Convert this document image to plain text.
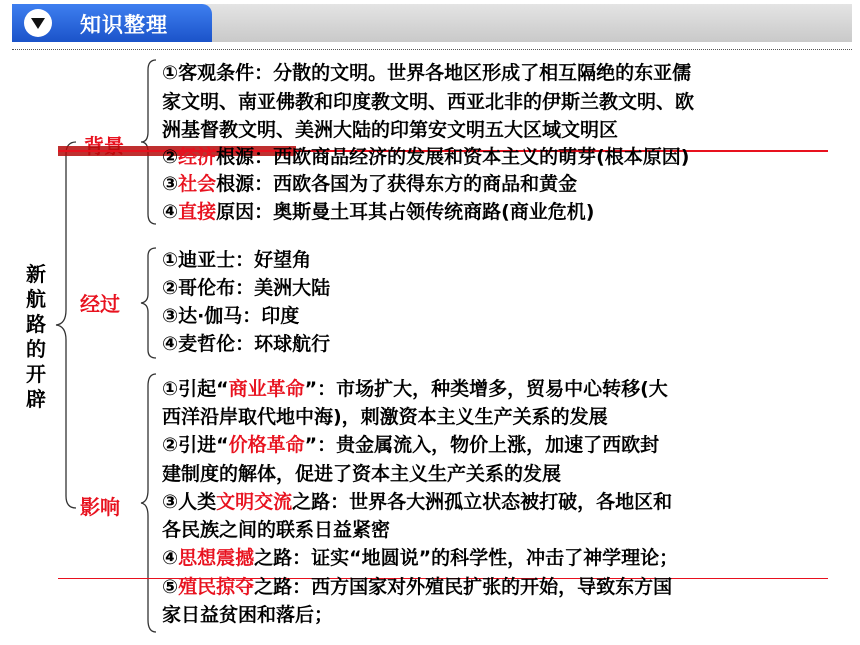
知识整理
新
航
路
的
开
辟
经过
影响
①客观条件：分散的文明。世界各地区形成了相互隔绝的东亚儒
家文明、南亚佛教和印度教文明、西亚北非的伊斯兰教文明、欧
洲基督教文明、美洲大陆的印第安文明五大区域文明区
②经济根源：西欧商品经济的发展和资本主义的萌芽(根本原因)
③社会根源：西欧各国为了获得东方的商品和黄金
④直接原因：奥斯曼土耳其占领传统商路(商业危机)
①迪亚士：好望角
②哥伦布：美洲大陆
③达·伽马：印度
④麦哲伦：环球航行
①引起“商业革命”：市场扩大，种类增多，贸易中心转移(大
西洋沿岸取代地中海)，刺激资本主义生产关系的发展
②引进“价格革命”：贵金属流入，物价上涨，加速了西欧封
建制度的解体，促进了资本主义生产关系的发展
③人类文明交流之路：世界各大洲孤立状态被打破，各地区和
各民族之间的联系日益紧密
④思想震撼之路：证实“地圆说”的科学性，冲击了神学理论；
⑤殖民掠夺之路：西方国家对外殖民扩张的开始，导致东方国
家日益贫困和落后；
